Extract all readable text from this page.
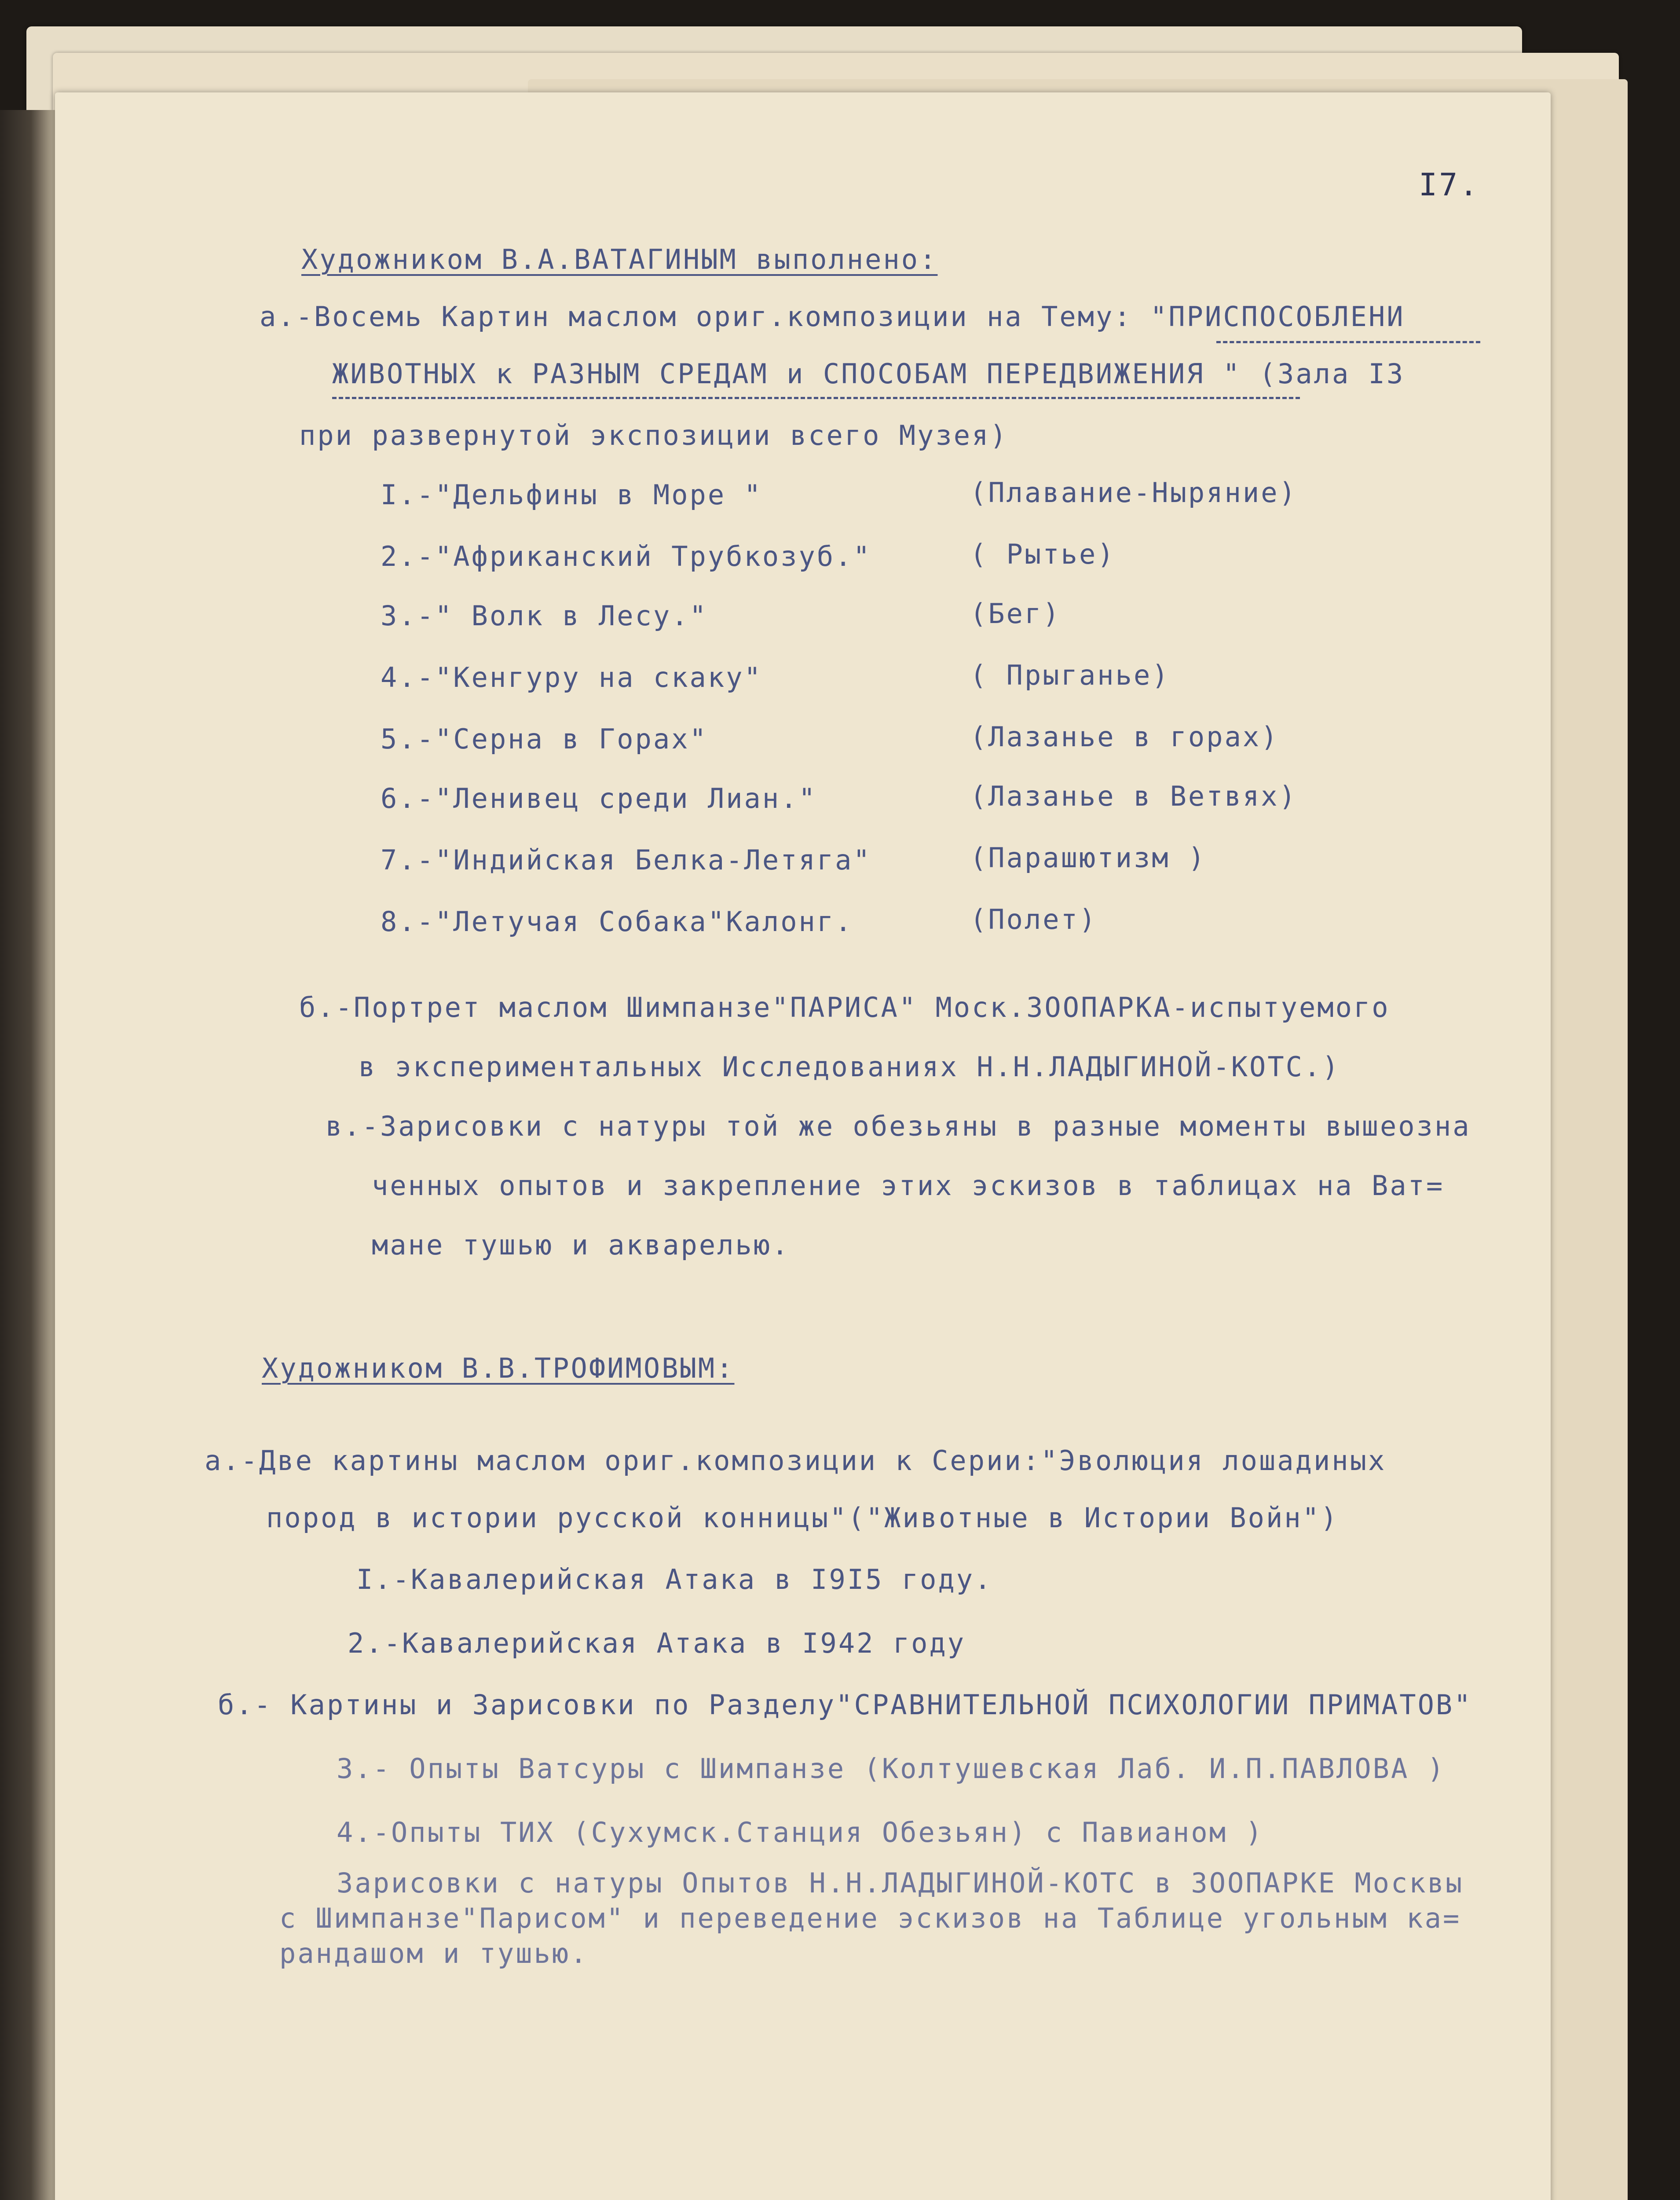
I7.
Художником В.А.ВАТАГИНЫМ выполнено:
а.-Восемь Картин маслом ориг.композиции на Тему: "ПРИСПОСОБЛЕНИ
ЖИВОТНЫХ к РАЗНЫМ СРЕДАМ и СПОСОБАМ ПЕРЕДВИЖЕНИЯ " (Зала I3
при развернутой экспозиции всего Музея)
I.-"Дельфины в Море "	(Плавание-Ныряние)
2.-"Африканский Трубкозуб."	( Рытье)
3.-" Волк в Лесу."	(Бег)
4.-"Кенгуру на скаку"	( Прыганье)
5.-"Серна в Горах"	(Лазанье в горах)
6.-"Ленивец среди Лиан."	(Лазанье в Ветвях)
7.-"Индийская Белка-Летяга"	(Парашютизм )
8.-"Летучая Собака"Калонг.	(Полет)
б.-Портрет маслом Шимпанзе"ПАРИСА" Моск.ЗООПАРКА-испытуемого
в экспериментальных Исследованиях Н.Н.ЛАДЫГИНОЙ-КОТС.)
в.-Зарисовки с натуры той же обезьяны в разные моменты вышеозна
ченных опытов и закрепление этих эскизов в таблицах на Ват=
мане тушью и акварелью.
Художником В.В.ТРОФИМОВЫМ:
а.-Две картины маслом ориг.композиции к Серии:"Эволюция лошадиных
пород в истории русской конницы"("Животные в Истории Войн")
I.-Кавалерийская Атака в I9I5 году.
2.-Кавалерийская Атака в I942 году
б.- Картины и Зарисовки по Разделу"СРАВНИТЕЛЬНОЙ ПСИХОЛОГИИ ПРИМАТОВ"
3.- Опыты Ватсуры с Шимпанзе (Колтушевская Лаб. И.П.ПАВЛОВА )
4.-Опыты ТИХ (Сухумск.Станция Обезьян) с Павианом )
Зарисовки с натуры Опытов Н.Н.ЛАДЫГИНОЙ-КОТС в ЗООПАРКЕ Москвы
с Шимпанзе"Парисом" и переведение эскизов на Таблице угольным ка=
рандашом и тушью.
